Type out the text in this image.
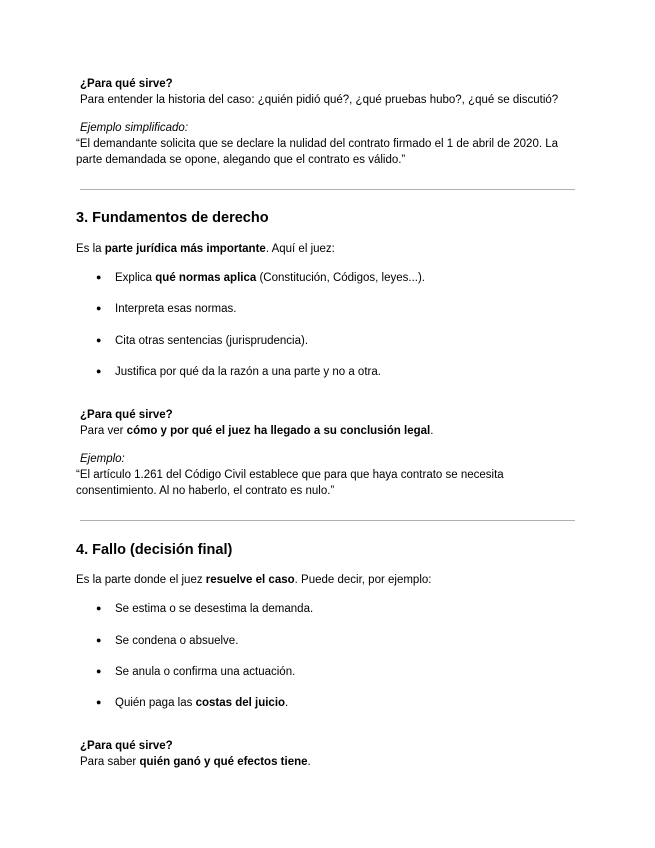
¿Para qué sirve?
Para entender la historia del caso: ¿quién pidió qué?, ¿qué pruebas hubo?, ¿qué se discutió?
Ejemplo simplificado:
“El demandante solicita que se declare la nulidad del contrato firmado el 1 de abril de 2020. La
parte demandada se opone, alegando que el contrato es válido.”
3. Fundamentos de derecho
Es la parte jurídica más importante. Aquí el juez:
● Explica qué normas aplica (Constitución, Códigos, leyes...).
● Interpreta esas normas.
● Cita otras sentencias (jurisprudencia).
● Justifica por qué da la razón a una parte y no a otra.
¿Para qué sirve?
Para ver cómo y por qué el juez ha llegado a su conclusión legal.
Ejemplo:
“El artículo 1.261 del Código Civil establece que para que haya contrato se necesita
consentimiento. Al no haberlo, el contrato es nulo.”
4. Fallo (decisión final)
Es la parte donde el juez resuelve el caso. Puede decir, por ejemplo:
● Se estima o se desestima la demanda.
● Se condena o absuelve.
● Se anula o confirma una actuación.
● Quién paga las costas del juicio.
¿Para qué sirve?
Para saber quién ganó y qué efectos tiene.
